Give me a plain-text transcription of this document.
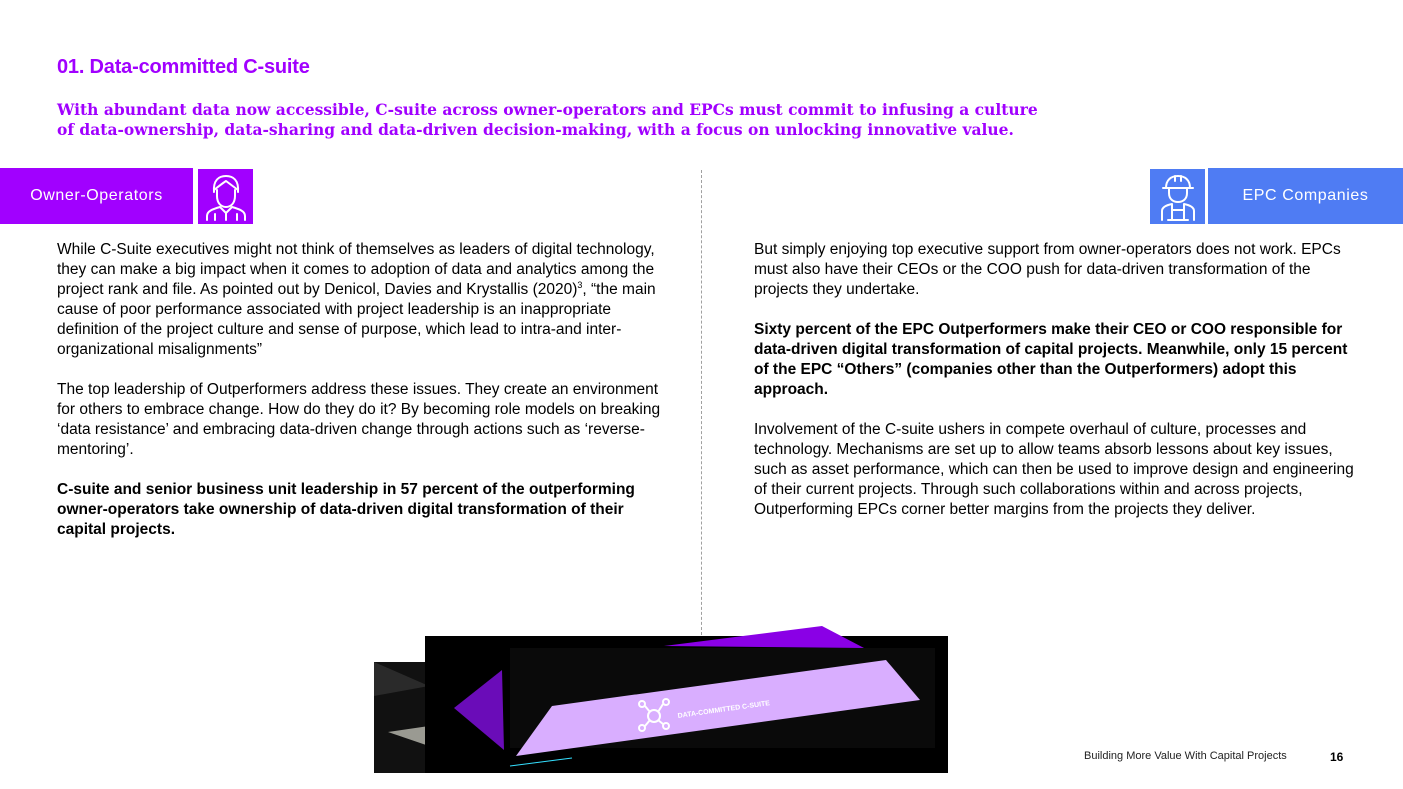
01. Data-committed C-suite

With abundant data now accessible, C-suite across owner-operators and EPCs must commit to infusing a culture of data-ownership, data-sharing and data-driven decision-making, with a focus on unlocking innovative value.

Owner-Operators	EPC Companies

While C-Suite executives might not think of themselves as leaders of digital technology, they can make a big impact when it comes to adoption of data and analytics among the project rank and file. As pointed out by Denicol, Davies and Krystallis $(2020)^3$, “the main cause of poor performance associated with project leadership is an inappropriate definition of the project culture and sense of purpose, which lead to intra-and inter-organizational misalignments”

The top leadership of Outperformers address these issues. They create an environment for others to embrace change. How do they do it? By becoming role models on breaking ‘data resistance’ and embracing data-driven change through actions such as ‘reverse-mentoring’.

C-suite and senior business unit leadership in 57 percent of the outperforming owner-operators take ownership of data-driven digital transformation of their capital projects.

But simply enjoying top executive support from owner-operators does not work. EPCs must also have their CEOs or the COO push for data-driven transformation of the projects they undertake.

Sixty percent of the EPC Outperformers make their CEO or COO responsible for data-driven digital transformation of capital projects. Meanwhile, only 15 percent of the EPC “Others” (companies other than the Outperformers) adopt this approach.

Involvement of the C-suite ushers in compete overhaul of culture, processes and technology. Mechanisms are set up to allow teams absorb lessons about key issues, such as asset performance, which can then be used to improve design and engineering of their current projects. Through such collaborations within and across projects, Outperforming EPCs corner better margins from the projects they deliver.

DATA-COMMITTED C-SUITE
Building More Value With Capital Projects	16
